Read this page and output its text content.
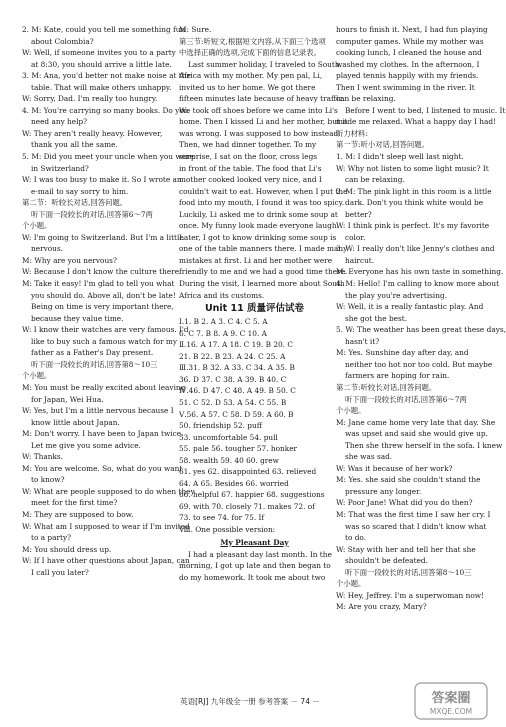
2. M: Kate, could you tell me something fun
about Colombia?
W: Well, if someone invites you to a party
at 8:30, you should arrive a little late.
3. M: Ana, you'd better not make noise at the
table. That will make others unhappy.
W: Sorry, Dad. I'm really too hungry.
4. M: You're carrying so many books. Do you
need any help?
W: They aren't really heavy. However,
thank you all the same.
5. M: Did you meet your uncle when you were
in Switzerland?
W: I was too busy to make it. So I wrote an
e-mail to say sorry to him.
第二节：听较长对话,回答问题。
听下面一段较长的对话,回答第6～7两
个小题。
W: I'm going to Switzerland. But I'm a little
nervous.
M: Why are you nervous?
W: Because I don't know the culture there.
M: Take it easy! I'm glad to tell you what
you should do. Above all, don't be late!
Being on time is very important there,
because they value time.
W: I know their watches are very famous. I'd
like to buy such a famous watch for my
father as a Father's Day present.
听下面一段较长的对话,回答第8～10三
个小题。
M: You must be really excited about leaving
for Japan, Wei Hua.
W: Yes, but I'm a little nervous because I
know little about Japan.
M: Don't worry. I have been to Japan twice.
Let me give you some advice.
W: Thanks.
M: You are welcome. So, what do you want
to know?
W: What are people supposed to do when they
meet for the first time?
M: They are supposed to bow.
W: What am I supposed to wear if I'm invited
to a party?
M: You should dress up.
W: If I have other questions about Japan, can
I call you later?
M: Sure.
第三节:听短文,根据短文内容,从下面三个选项
中选择正确的选项,完成下面的信息记录表。
Last summer holiday, I traveled to South
Africa with my mother. My pen pal, Li,
invited us to her home. We got there
fifteen minutes late because of heavy traffic.
We took off shoes before we came into Li's
home. Then I kissed Li and her mother, but it
was wrong. I was supposed to bow instead.
Then, we had dinner together. To my
surprise, I sat on the floor, cross legs
in front of the table. The food that Li's
mother cooked looked very nice, and I
couldn't wait to eat. However, when I put the
food into my mouth, I found it was too spicy.
Luckily, Li asked me to drink some soup at
once. My funny look made everyone laugh.
Later, I got to know drinking some soup is
one of the table manners there. I made many
mistakes at first. Li and her mother were
friendly to me and we had a good time there.
During the visit, I learned more about South
Africa and its customs.
Unit 11 质量评估试卷
Ⅰ.1. B 2. A 3. C 4. C 5. A
6. C 7. B 8. A 9. C 10. A
Ⅱ.16. A 17. A 18. C 19. B 20. C
21. B 22. B 23. A 24. C 25. A
Ⅲ.31. B 32. A 33. C 34. A 35. B
36. D 37. C 38. A 39. B 40. C
Ⅳ.46. D 47. C 48. A 49. B 50. C
51. C 52. D 53. A 54. C 55. B
Ⅴ.56. A 57. C 58. D 59. A 60. B
50. friendship 52. puff
53. uncomfortable 54. pull
55. pale 56. tougher 57. honker
58. wealth 59. 40 60. grew
61. yes 62. disappointed 63. relieved
64. A 65. Besides 66. worried
66. helpful 67. happier 68. suggestions
69. with 70. closely 71. makes 72. of
73. to see 74. for 75. If
Ⅷ. One possible version:
My Pleasant Day
I had a pleasant day last month. In the
morning, I got up late and then began to
do my homework. It took me about two
hours to finish it. Next, I had fun playing
computer games. While my mother was
cooking lunch, I cleaned the house and
washed my clothes. In the afternoon, I
played tennis happily with my friends.
Then I went swimming in the river. It
can be relaxing.
Before I went to bed, I listened to music. It
made me relaxed. What a happy day I had!
听力材料:
第一节:听小对话,回答问题。
1. M: I didn't sleep well last night.
W: Why not listen to some light music? It
can be relaxing.
2. M: The pink light in this room is a little
dark. Don't you think white would be
better?
W: I think pink is perfect. It's my favorite
color.
3. W: I really don't like Jenny's clothes and
haircut.
M: Everyone has his own taste in something.
4. M: Hello! I'm calling to know more about
the play you're advertising.
W: Well, it is a really fantastic play. And
she got the best.
5. W: The weather has been great these days,
hasn't it?
M: Yes. Sunshine day after day, and
neither too hot nor too cold. But maybe
farmers are hoping for rain.
第二节:听较长对话,回答问题。
听下面一段较长的对话,回答第6～7两
个小题。
M: Jane came home very late that day. She
was upset and said she would give up.
Then she threw herself in the sofa. I knew
she was sad.
W: Was it because of her work?
M: Yes. she said she couldn't stand the
pressure any longer.
W: Poor Jane! What did you do then?
M: That was the first time I saw her cry. I
was so scared that I didn't know what
to do.
W: Stay with her and tell her that she
shouldn't be defeated.
听下面一段较长的对话,回答第8～10三
个小题。
W: Hey, Jeffrey. I'm a superwoman now!
M: Are you crazy, Mary?
英语[RJ] 九年级全一册 参考答案 － 74 －	答案圈
MXQE.COM
